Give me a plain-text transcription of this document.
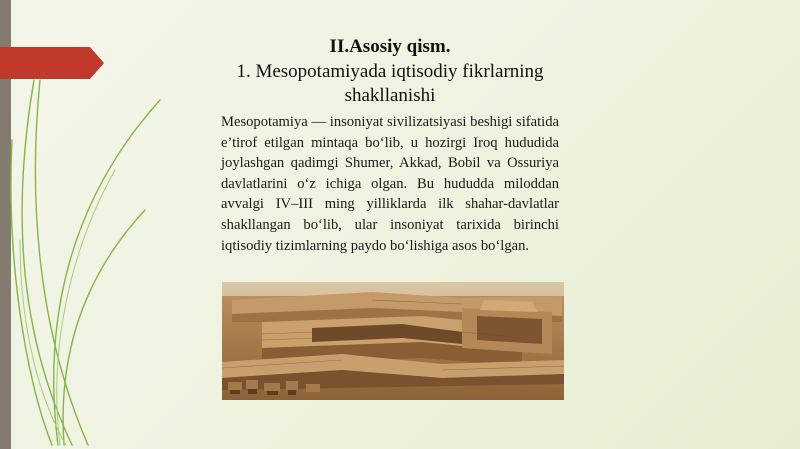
II.Asosiy qism.
1. Mesopotamiyada iqtisodiy fikrlarning shakllanishi

Mesopotamiya — insoniyat sivilizatsiyasi beshigi sifatida e’tirof etilgan mintaqa bo‘lib, u hozirgi Iroq hududida joylashgan qadimgi Shumer, Akkad, Bobil va Ossuriya davlatlarini o‘z ichiga olgan. Bu hududda miloddan avvalgi IV–III ming yilliklarda ilk shahar-davlatlar shakllangan bo‘lib, ular insoniyat tarixida birinchi iqtisodiy tizimlarning paydo bo‘lishiga asos bo‘lgan.
